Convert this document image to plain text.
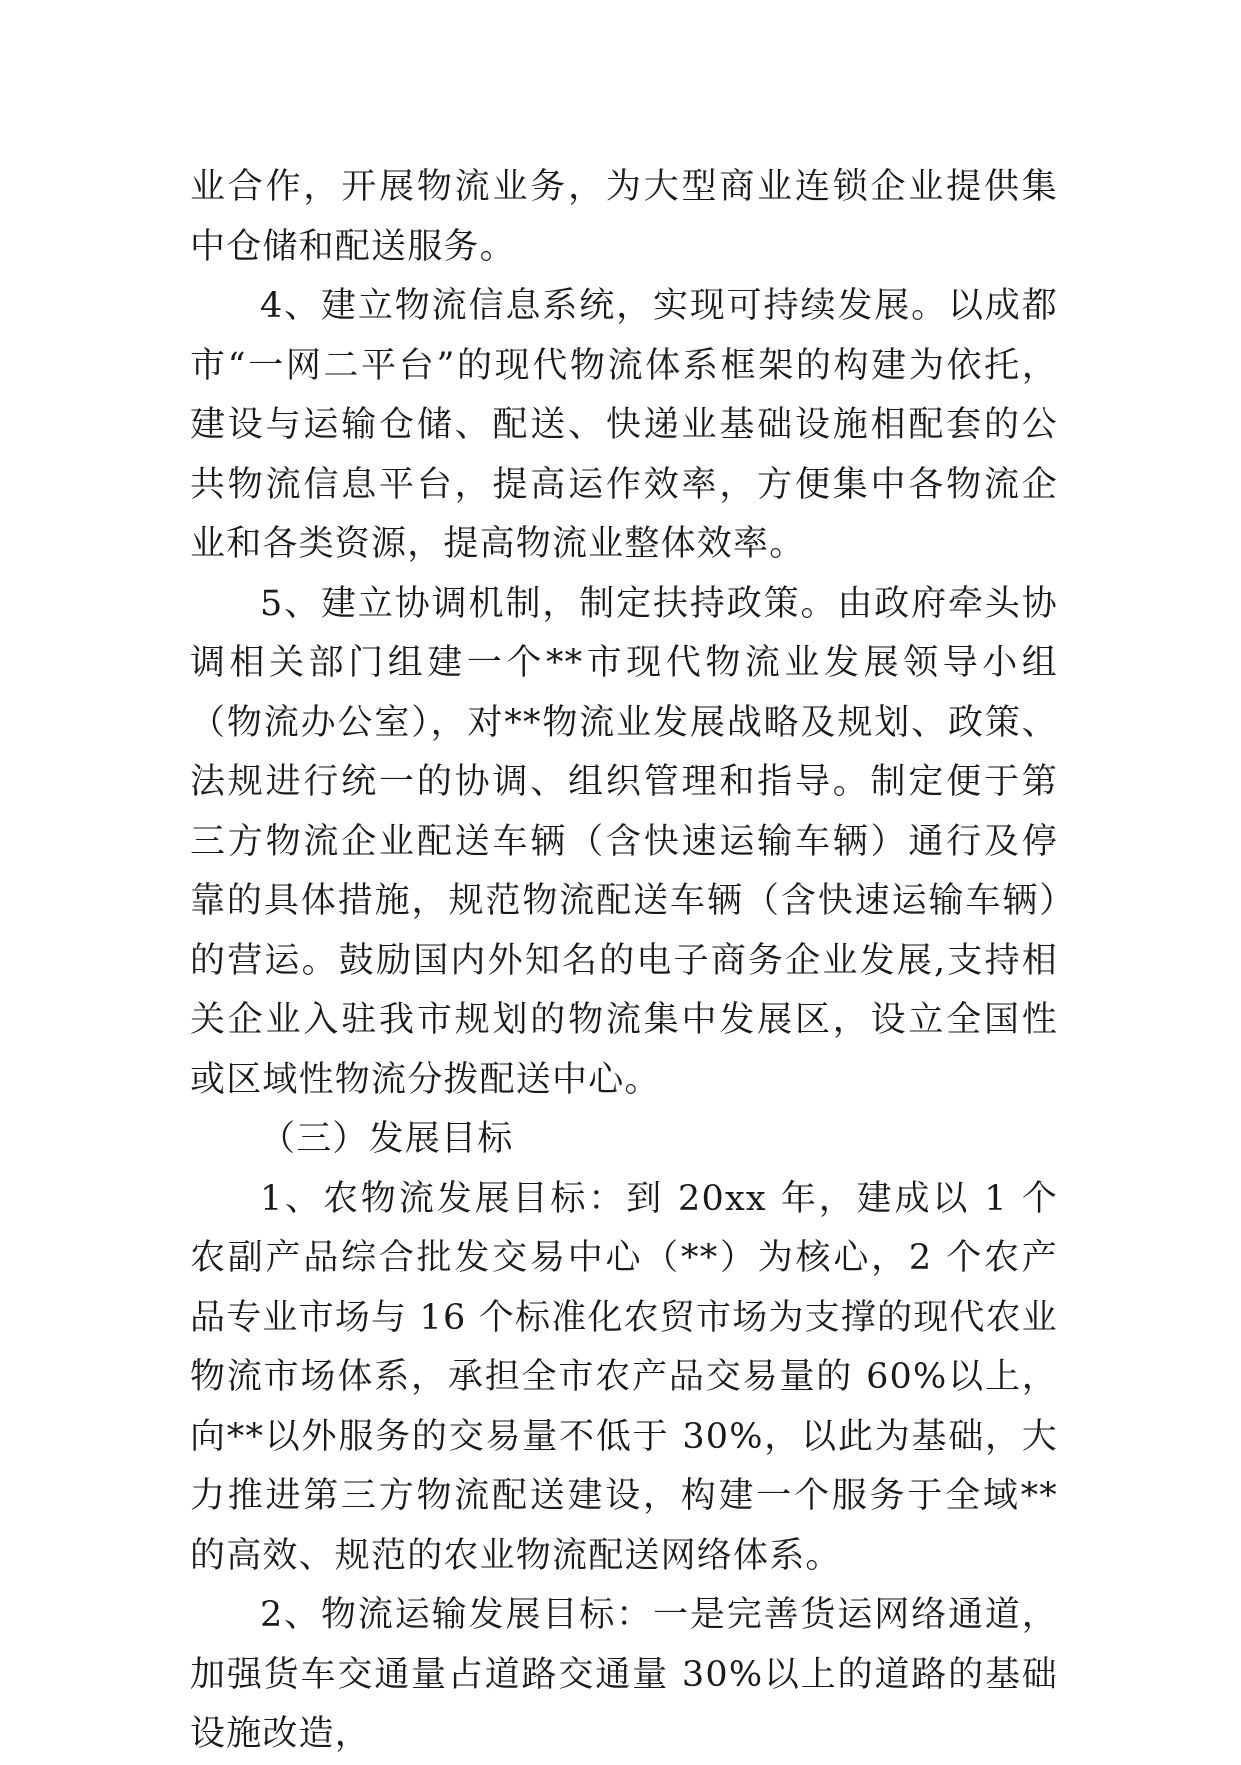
业合作，开展物流业务，为大型商业连锁企业提供集中仓储和配送服务。

4、建立物流信息系统，实现可持续发展。以成都市“一网二平台”的现代物流体系框架的构建为依托，建设与运输仓储、配送、快递业基础设施相配套的公共物流信息平台，提高运作效率，方便集中各物流企业和各类资源，提高物流业整体效率。

5、建立协调机制，制定扶持政策。由政府牵头协调相关部门组建一个**市现代物流业发展领导小组（物流办公室），对**物流业发展战略及规划、政策、法规进行统一的协调、组织管理和指导。制定便于第三方物流企业配送车辆（含快速运输车辆）通行及停靠的具体措施，规范物流配送车辆（含快速运输车辆）的营运。鼓励国内外知名的电子商务企业发展,支持相关企业入驻我市规划的物流集中发展区，设立全国性或区域性物流分拨配送中心。

（三）发展目标

1、农物流发展目标：到 20xx 年，建成以 1 个农副产品综合批发交易中心（**）为核心，2 个农产品专业市场与 16 个标准化农贸市场为支撑的现代农业物流市场体系，承担全市农产品交易量的 60%以上，向**以外服务的交易量不低于 30%，以此为基础，大力推进第三方物流配送建设，构建一个服务于全域**的高效、规范的农业物流配送网络体系。

2、物流运输发展目标：一是完善货运网络通道，加强货车交通量占道路交通量 30%以上的道路的基础设施改造，
